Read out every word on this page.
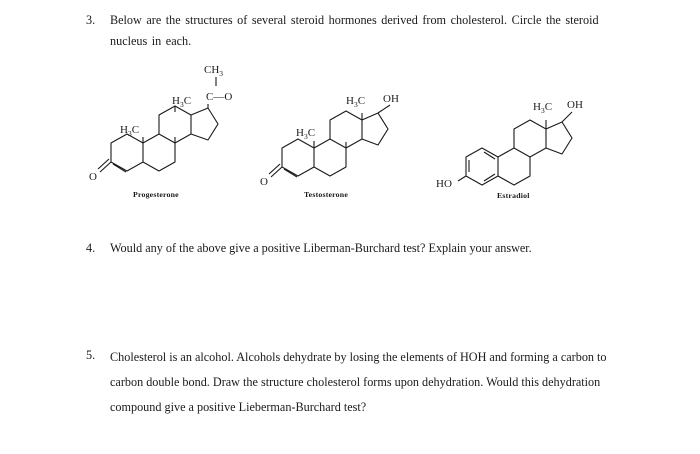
3. Below are the structures of several steroid hormones derived from cholesterol. Circle the steroid nucleus in each.
$CH_3$
C—O
$H_3C$
$H_3C$
O
Progesterone
$H_3C$ OH
$H_3C$
O
Testosterone
$H_3C$ OH
HO
Estradiol
4. Would any of the above give a positive Liberman-Burchard test? Explain your answer.
5. Cholesterol is an alcohol. Alcohols dehydrate by losing the elements of HOH and forming a carbon to carbon double bond. Draw the structure cholesterol forms upon dehydration. Would this dehydration compound give a positive Lieberman-Burchard test?
